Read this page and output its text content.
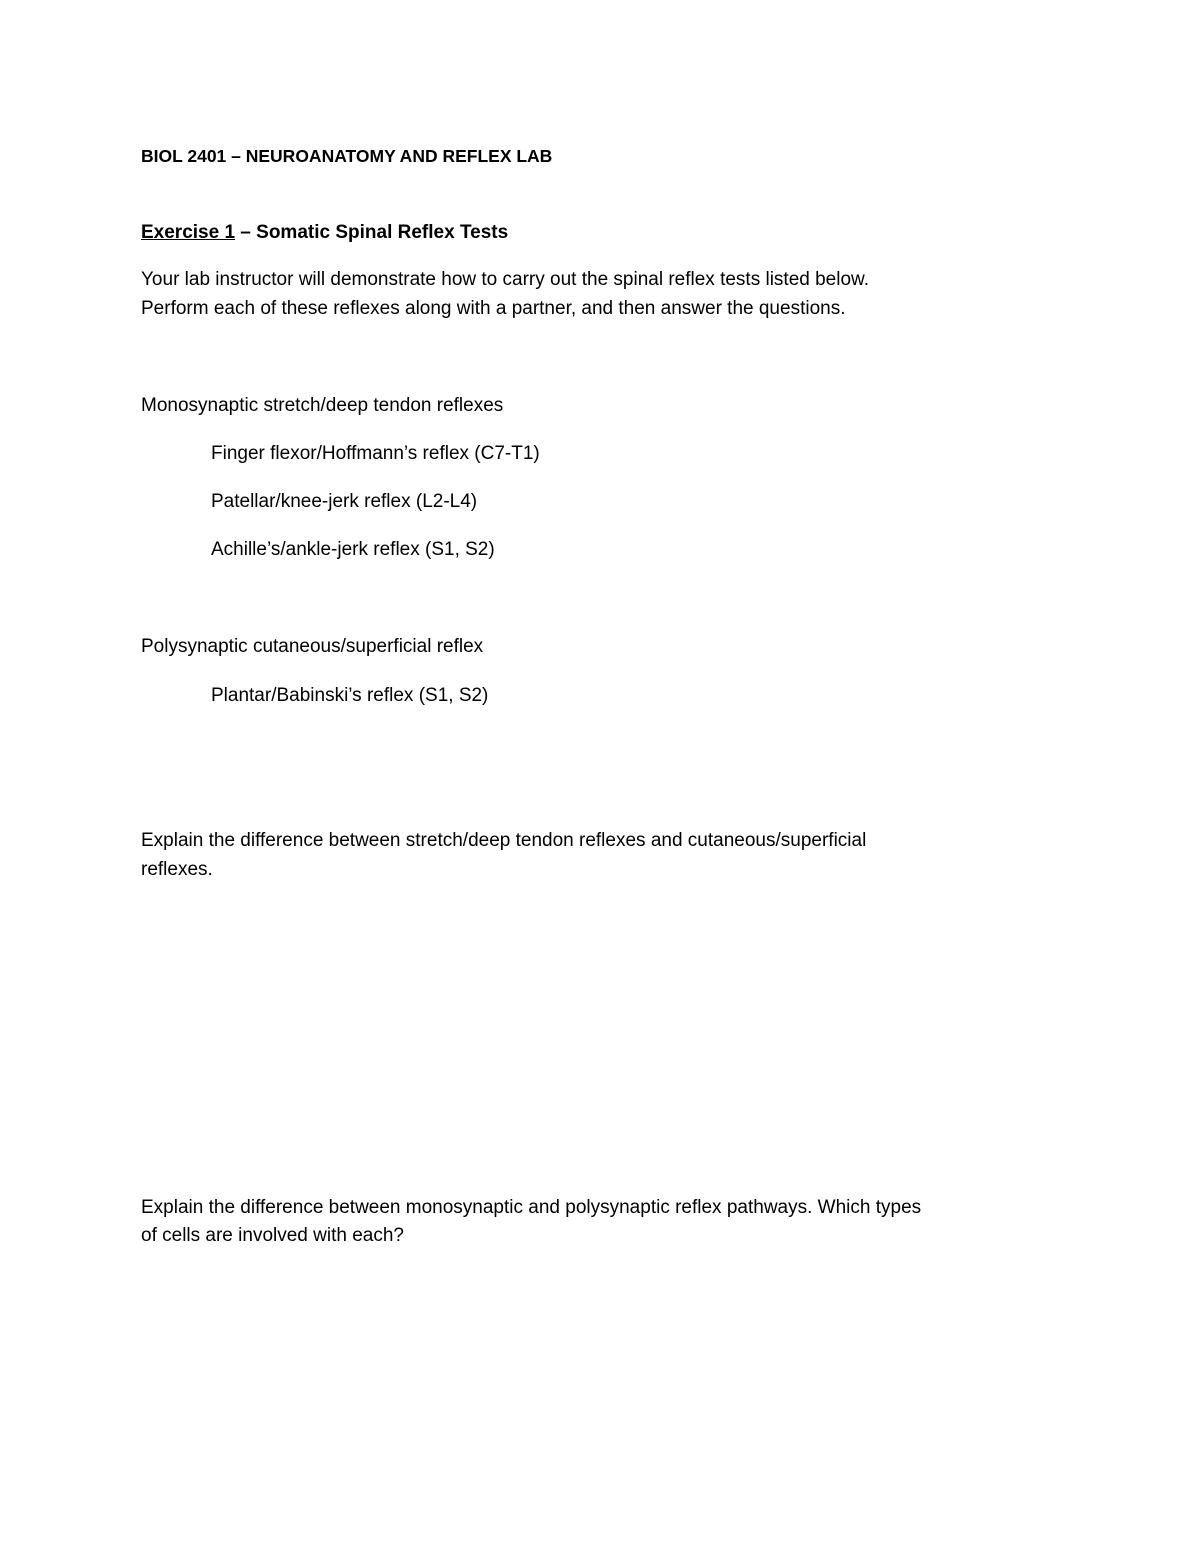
BIOL 2401 – NEUROANATOMY AND REFLEX LAB
Exercise 1 – Somatic Spinal Reflex Tests
Your lab instructor will demonstrate how to carry out the spinal reflex tests listed below.
Perform each of these reflexes along with a partner, and then answer the questions.
Monosynaptic stretch/deep tendon reflexes
Finger flexor/Hoffmann’s reflex (C7-T1)
Patellar/knee-jerk reflex (L2-L4)
Achille’s/ankle-jerk reflex (S1, S2)
Polysynaptic cutaneous/superficial reflex
Plantar/Babinski’s reflex (S1, S2)
Explain the difference between stretch/deep tendon reflexes and cutaneous/superficial
reflexes.
Explain the difference between monosynaptic and polysynaptic reflex pathways. Which types
of cells are involved with each?
